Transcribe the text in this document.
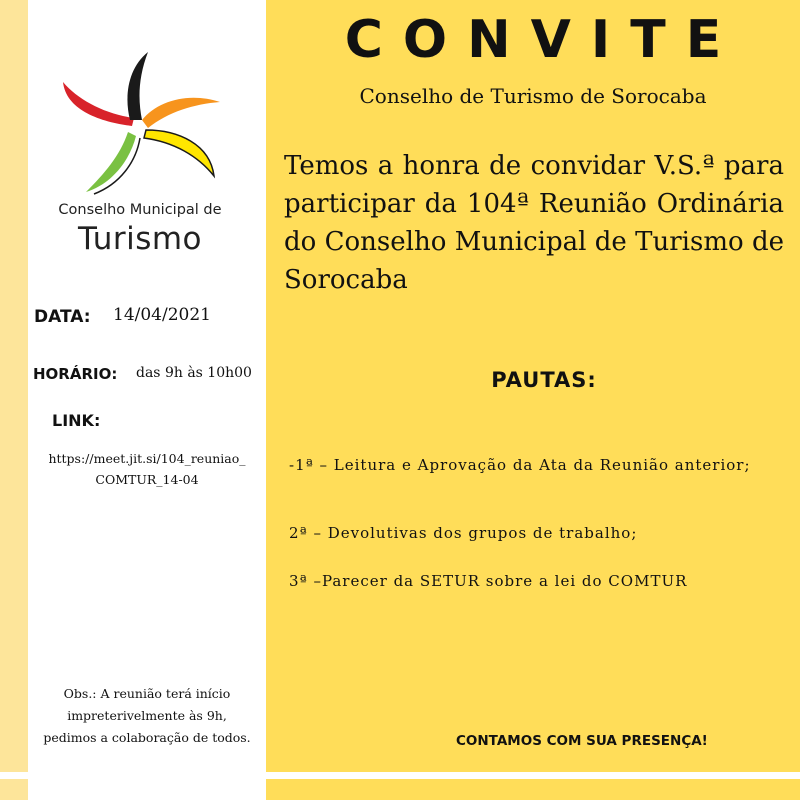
Conselho Municipal de
Turismo
DATA: 14/04/2021
HORÁRIO: das 9h às 10h00
LINK:
https://meet.jit.si/104_reuniao_
COMTUR_14-04
Obs.: A reunião terá início
impreterivelmente às 9h,
pedimos a colaboração de todos.
CONVITE
Conselho de Turismo de Sorocaba
Temos a honra de convidar V.S.ª para participar da 104ª Reunião Ordinária do Conselho Municipal de Turismo de Sorocaba
PAUTAS:
-1ª – Leitura e Aprovação da Ata da Reunião anterior;
2ª – Devolutivas dos grupos de trabalho;
3ª –Parecer da SETUR sobre a lei do COMTUR
CONTAMOS COM SUA PRESENÇA!
